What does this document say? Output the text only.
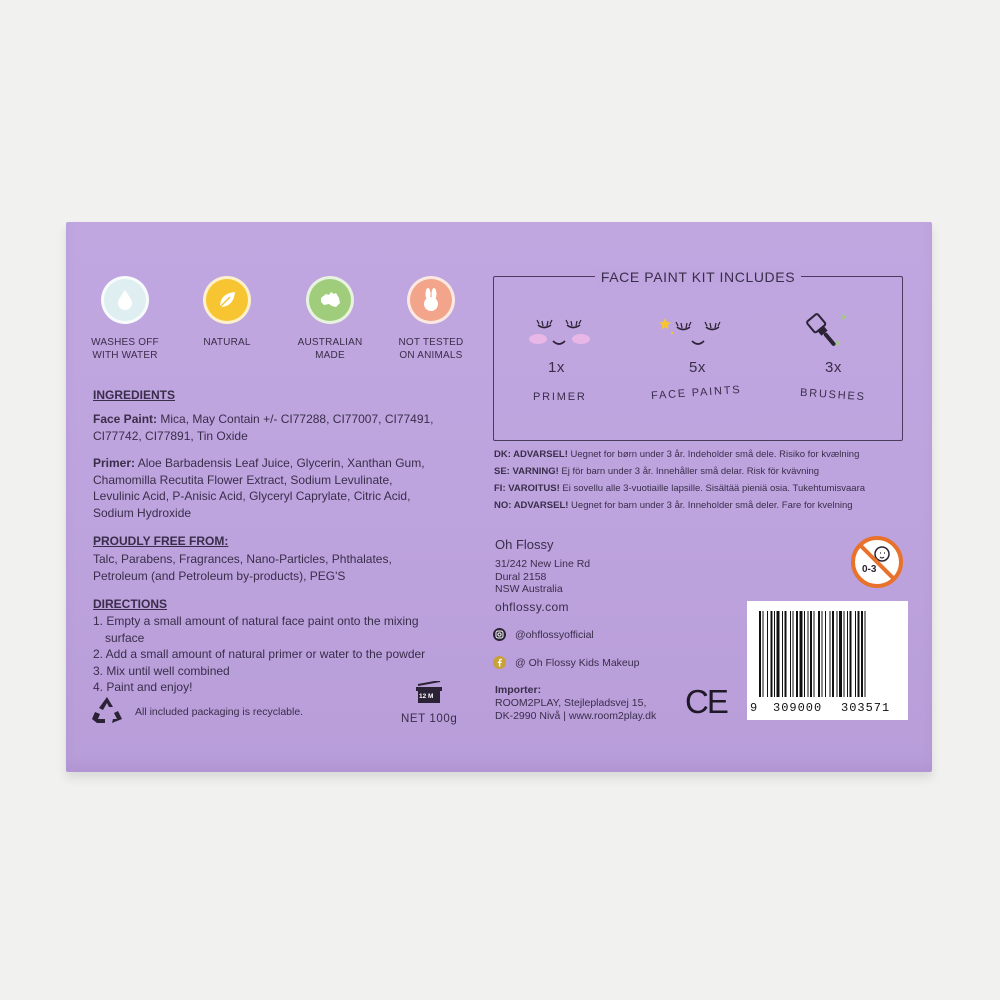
WASHES OFF
WITH WATER
NATURAL	AUSTRALIAN
MADE
NOT TESTED
ON ANIMALS

INGREDIENTS

Face Paint: Mica, May Contain +/- CI77288, CI77007, CI77491,

CI77742, CI77891, Tin Oxide

Primer: Aloe Barbadensis Leaf Juice, Glycerin, Xanthan Gum,

Chamomilla Recutita Flower Extract, Sodium Levulinate,

Levulinic Acid, P-Anisic Acid, Glyceryl Caprylate, Citric Acid,

Sodium Hydroxide

PROUDLY FREE FROM:

Talc, Parabens, Fragrances, Nano-Particles, Phthalates,

Petroleum (and Petroleum by-products), PEG'S

DIRECTIONS

1. Empty a small amount of natural face paint onto the mixing

surface

2. Add a small amount of natural primer or water to the powder

3. Mix until well combined

4. Paint and enjoy!

All included packaging is recyclable.
12 M
NET 100g
FACE PAINT KIT INCLUDES
1x
PRIMER
5x
FACE PAINTS
3x
BRUSHES
DK: ADVARSEL! Uegnet for børn under 3 år. Indeholder små dele. Risiko for kvælning
SE: VARNING! Ej för barn under 3 år. Innehåller små delar. Risk för kvävning
FI: VAROITUS! Ei sovellu alle 3-vuotiaille lapsille. Sisältää pieniä osia. Tukehtumisvaara
NO: ADVARSEL! Uegnet for barn under 3 år. Inneholder små deler. Fare for kvelning
0-3
Oh Flossy
31/242 New Line Rd
Dural 2158
NSW Australia
ohflossy.com
@ohflossyofficial
@ Oh Flossy Kids Makeup
Importer:
ROOM2PLAY, Stejlepladsvej 15,
DK-2990 Nivå | www.room2play.dk CE 9 309000 303571
